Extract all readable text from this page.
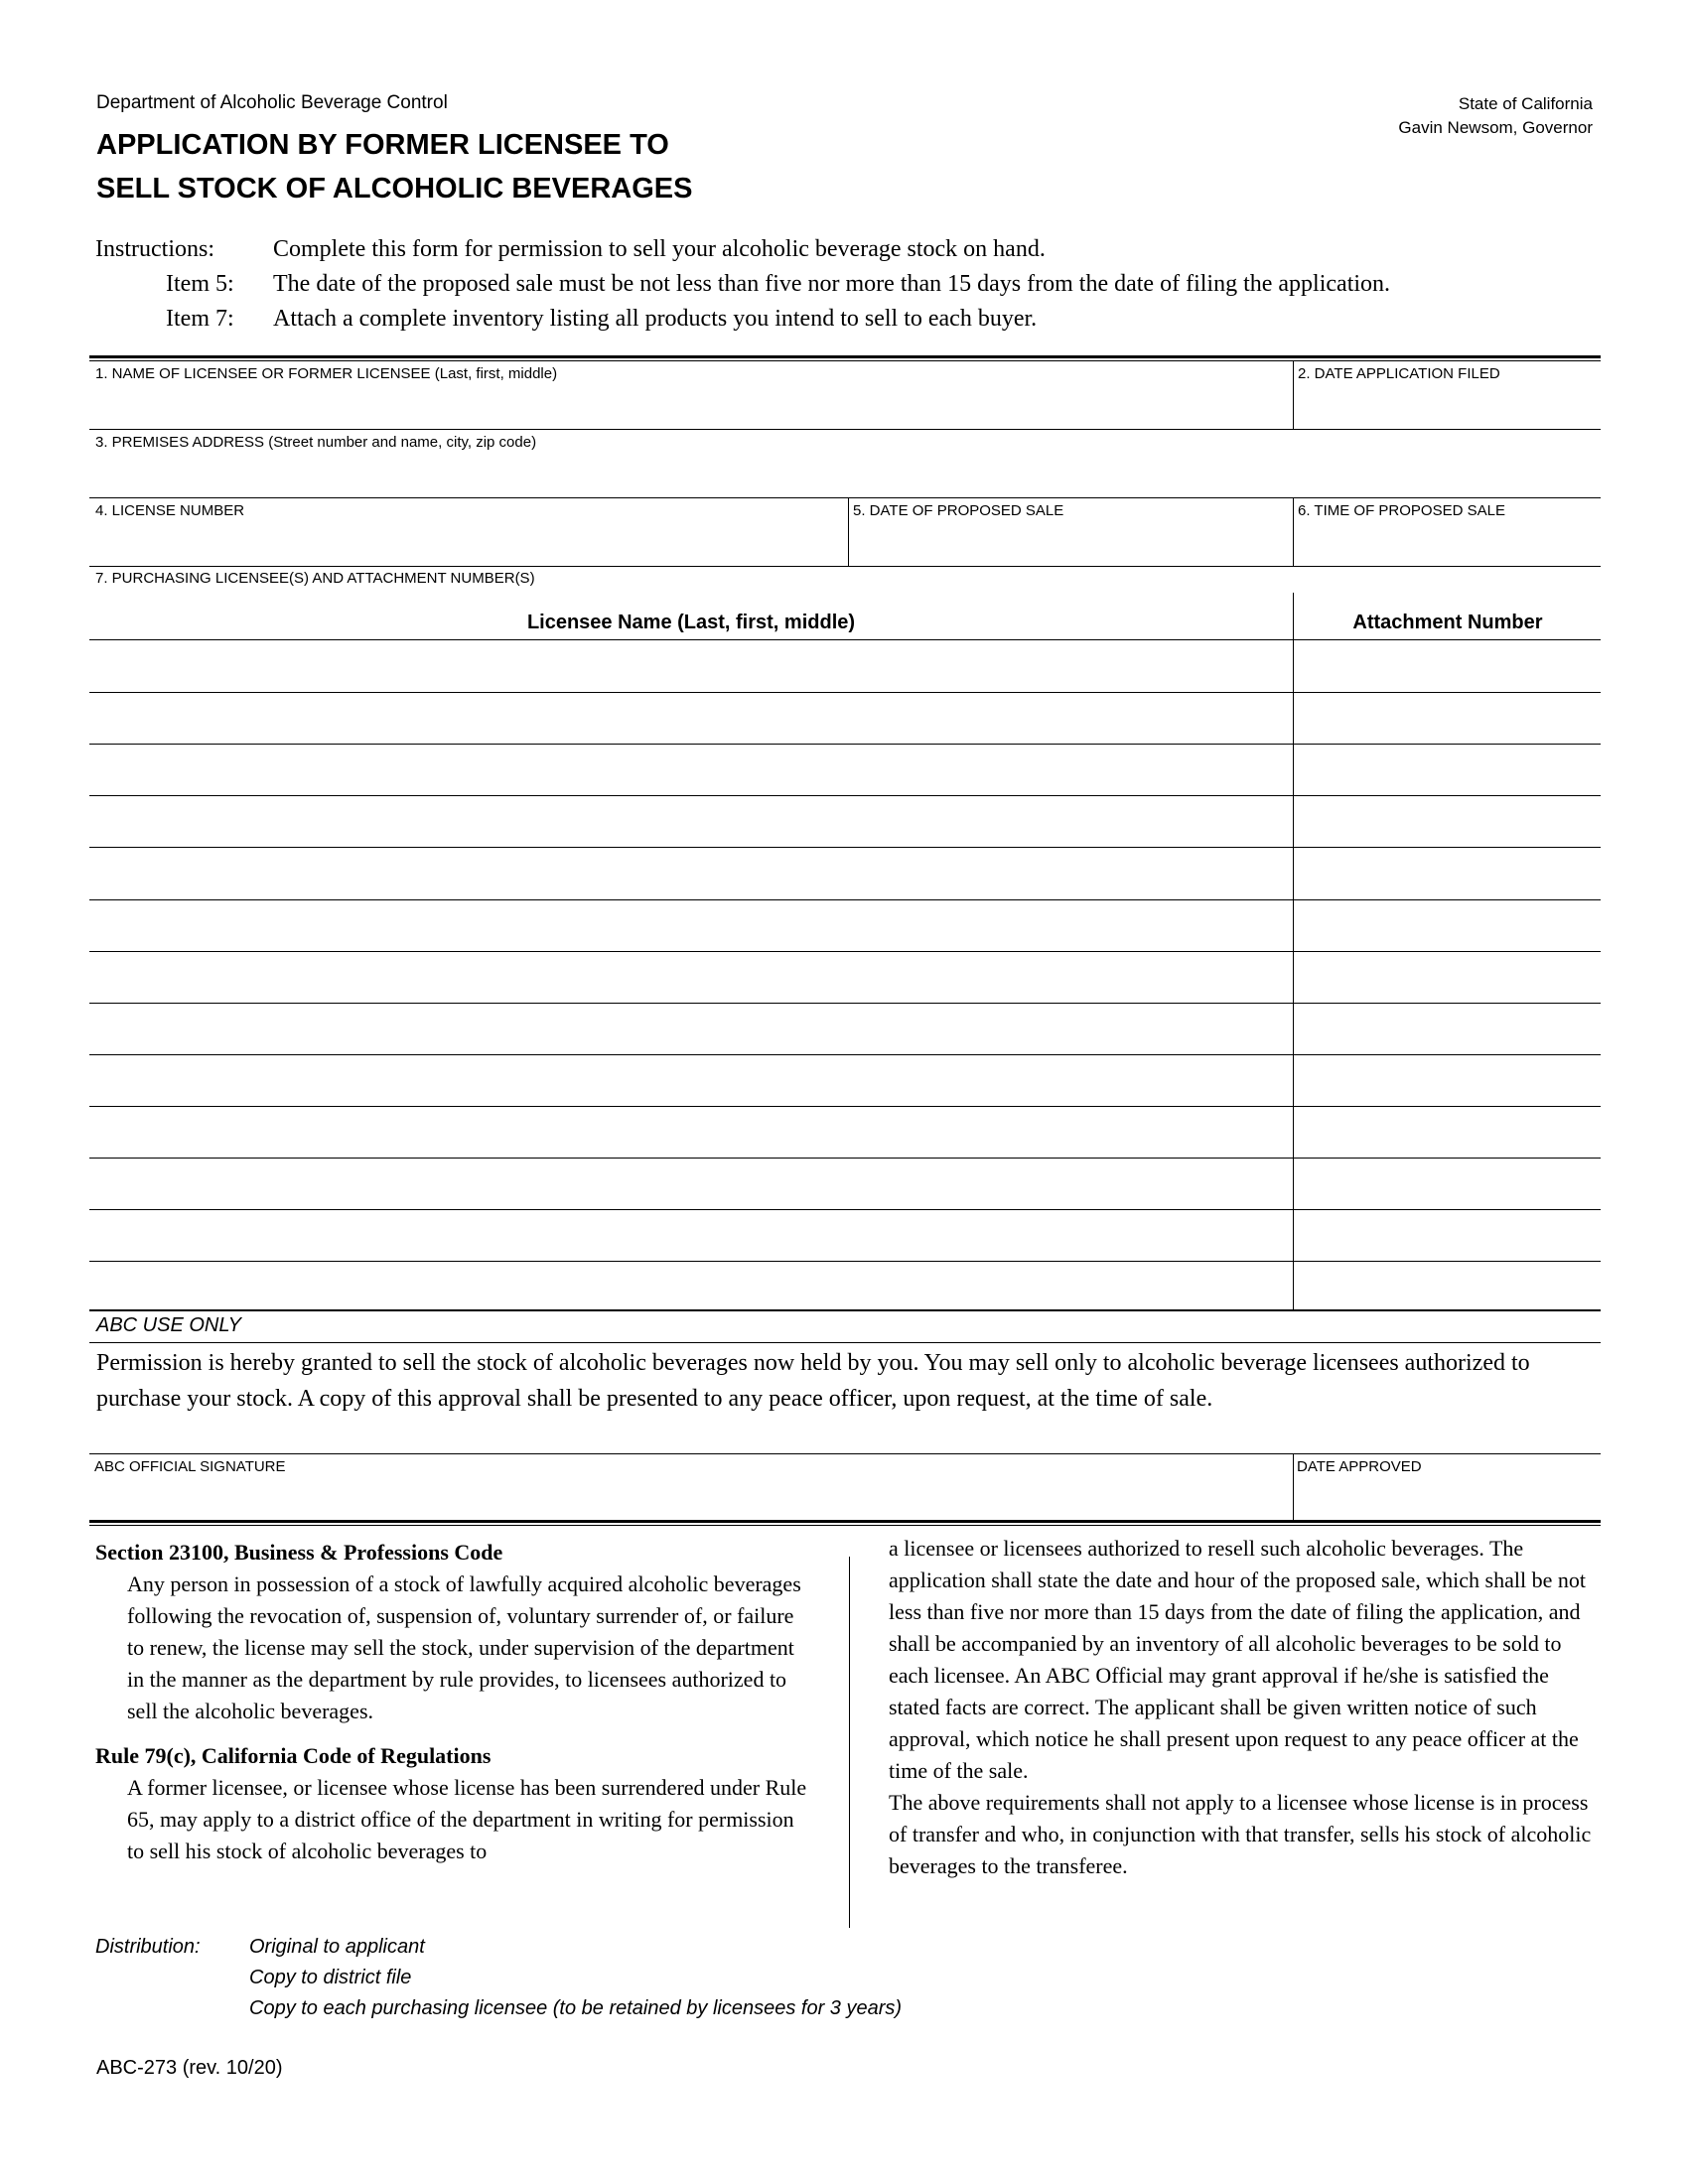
Department of Alcoholic Beverage Control
APPLICATION BY FORMER LICENSEE TO
SELL STOCK OF ALCOHOLIC BEVERAGES
State of California
Gavin Newsom, Governor
Instructions: Complete this form for permission to sell your alcoholic beverage stock on hand.
Item 5: The date of the proposed sale must be not less than five nor more than 15 days from the date of filing the application.
Item 7: Attach a complete inventory listing all products you intend to sell to each buyer.
1. NAME OF LICENSEE OR FORMER LICENSEE (Last, first, middle)	2. DATE APPLICATION FILED
3. PREMISES ADDRESS (Street number and name, city, zip code)
4. LICENSE NUMBER	5. DATE OF PROPOSED SALE	6. TIME OF PROPOSED SALE
7. PURCHASING LICENSEE(S) AND ATTACHMENT NUMBER(S)
Licensee Name (Last, first, middle)	Attachment Number
ABC USE ONLY
Permission is hereby granted to sell the stock of alcoholic beverages now held by you. You may sell only to alcoholic beverage licensees authorized to purchase your stock. A copy of this approval shall be presented to any peace officer, upon request, at the time of sale.
ABC OFFICIAL SIGNATURE	DATE APPROVED
Section 23100, Business & Professions Code
Any person in possession of a stock of lawfully acquired alcoholic beverages following the revocation of, suspension of, voluntary surrender of, or failure to renew, the license may sell the stock, under supervision of the department in the manner as the department by rule provides, to licensees authorized to sell the alcoholic beverages.
Rule 79(c), California Code of Regulations
A former licensee, or licensee whose license has been surrendered under Rule 65, may apply to a district office of the department in writing for permission to sell his stock of alcoholic beverages to
a licensee or licensees authorized to resell such alcoholic beverages. The application shall state the date and hour of the proposed sale, which shall be not less than five nor more than 15 days from the date of filing the application, and shall be accompanied by an inventory of all alcoholic beverages to be sold to each licensee. An ABC Official may grant approval if he/she is satisfied the stated facts are correct. The applicant shall be given written notice of such approval, which notice he shall present upon request to any peace officer at the time of the sale.
The above requirements shall not apply to a licensee whose license is in process of transfer and who, in conjunction with that transfer, sells his stock of alcoholic beverages to the transferee.
Distribution: Original to applicant
Copy to district file
Copy to each purchasing licensee (to be retained by licensees for 3 years)
ABC-273 (rev. 10/20)
